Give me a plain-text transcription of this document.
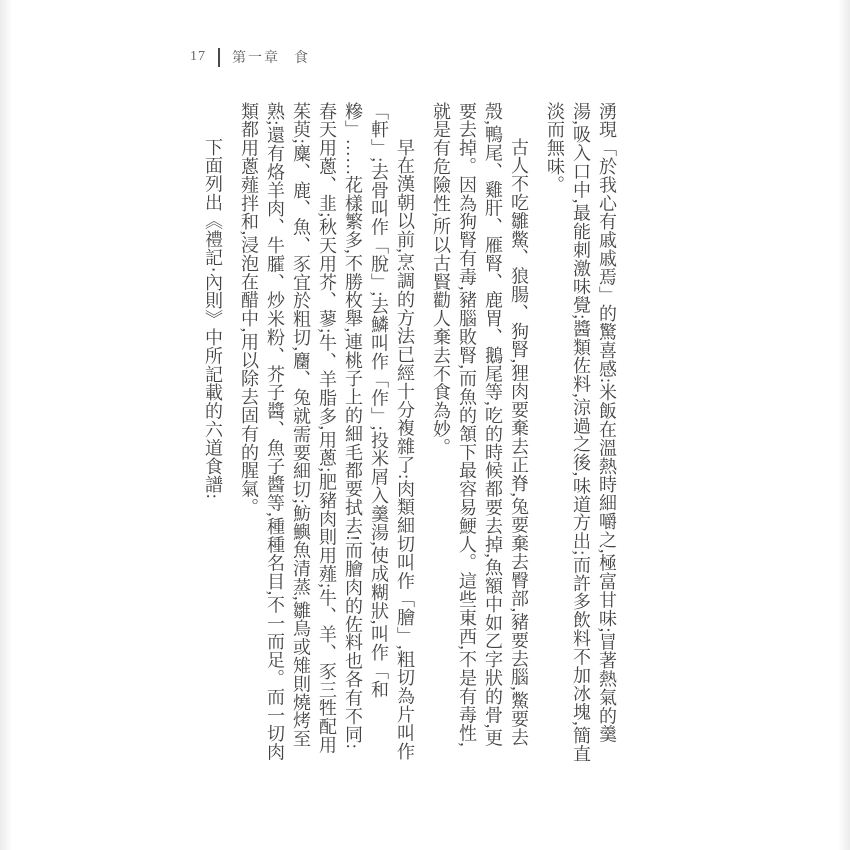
17 第一章 食

湧現「於我心有戚戚焉」的驚喜感:米飯在溫熱時細嚼之,極富甘味;冒著熱氣的羹湯,吸入口中,最能刺激味覺;醬類佐料,涼過之後,味道方出;而許多飲料不加冰塊,簡直淡而無味。

古人不吃雛鱉、狼腸、狗腎,狸肉要棄去正脊,兔要棄去臀部,豬要去腦,鱉要去殼,鴨尾、雞肝、雁腎、鹿胃、鵝尾等,吃的時候都要去掉,魚額中如乙字狀的骨,更要去掉。因為狗腎有毒,豬腦敗腎,而魚的頷下最容易鯁人。這些東西,不是有毒性,就是有危險性,所以古賢勸人棄去不食為妙。

早在漢朝以前,烹調的方法已經十分複雜了:肉類細切叫作「膾」,粗切為片叫作「軒」;去骨叫作「脫」;去鱗叫作「作」;投米屑入羹湯,使成糊狀,叫作「和糝」……花樣繁多,不勝枚舉,連桃子上的細毛都要拭去!而膾肉的佐料也各有不同:春天用蔥、韭;秋天用芥、蓼;牛、羊脂多,用蔥;肥豬肉則用薤;牛、羊、豕三牲配用茱萸;麋、鹿、魚、豕宜於粗切,麕、兔就需要細切;魴鱮魚清蒸,雛鳥或雉則燒烤至熟;還有烙羊肉、牛臛、炒米粉、芥子醬、魚子醬等,種種名目,不一而足。而一切肉類都用蔥薤拌和,浸泡在醋中,用以除去固有的腥氣。

下面列出《禮記‧內則》中所記載的六道食譜:
